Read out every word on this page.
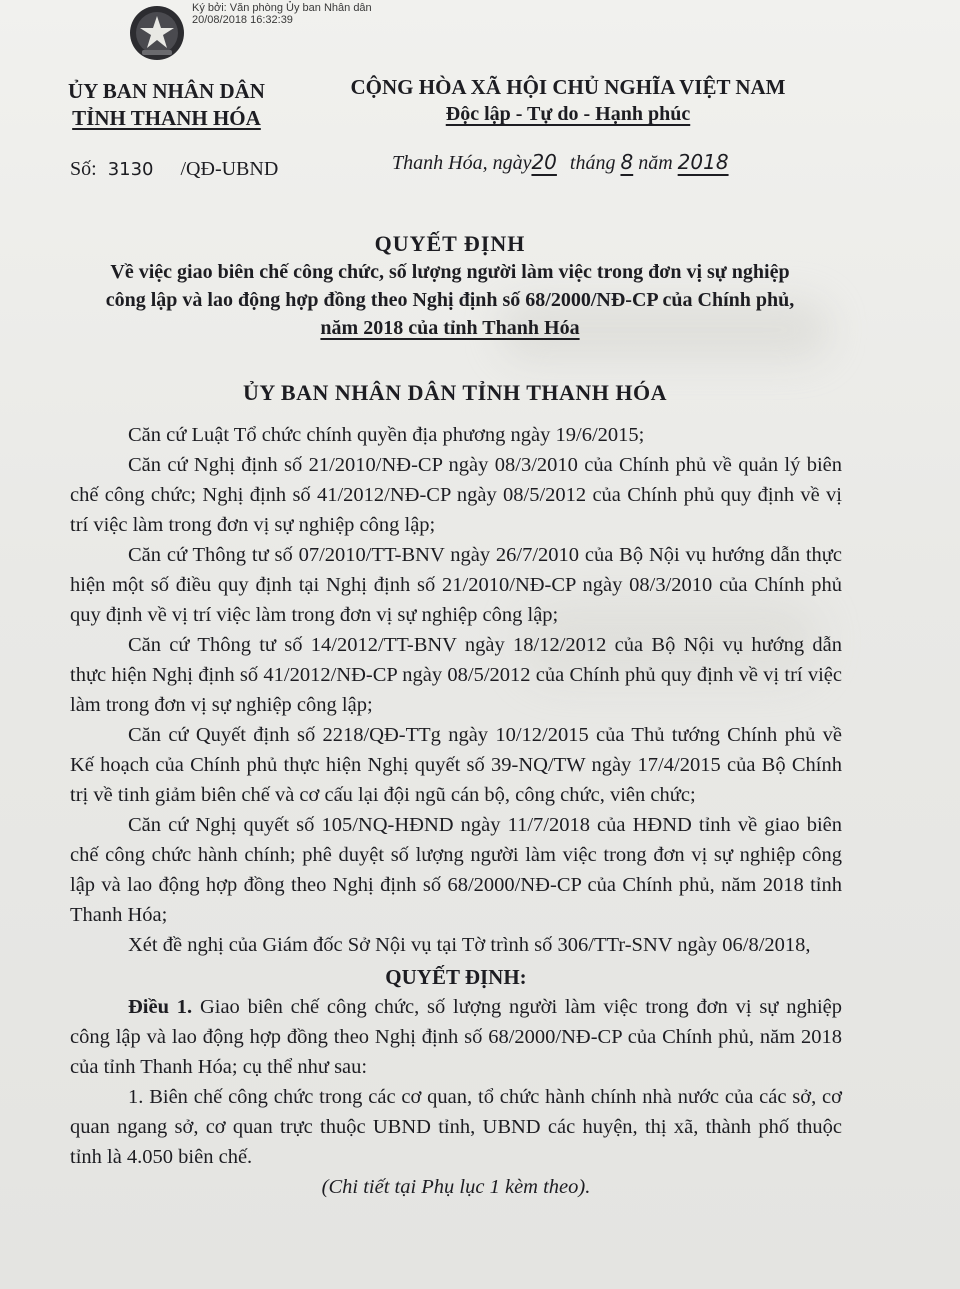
Ký bởi: Văn phòng Ủy ban Nhân dân
20/08/2018 16:32:39
ỦY BAN NHÂN DÂN
TỈNH THANH HÓA
CỘNG HÒA XÃ HỘI CHỦ NGHĨA VIỆT NAM
Độc lập - Tự do - Hạnh phúc
Số: 3130 /QĐ-UBND	Thanh Hóa, ngày20 tháng 8 năm 2018
QUYẾT ĐỊNH
Về việc giao biên chế công chức, số lượng người làm việc trong đơn vị sự nghiệp
công lập và lao động hợp đồng theo Nghị định số 68/2000/NĐ-CP của Chính phủ,
năm 2018 của tỉnh Thanh Hóa
ỦY BAN NHÂN DÂN TỈNH THANH HÓA

Căn cứ Luật Tổ chức chính quyền địa phương ngày 19/6/2015;

Căn cứ Nghị định số 21/2010/NĐ-CP ngày 08/3/2010 của Chính phủ về quản lý biên chế công chức; Nghị định số 41/2012/NĐ-CP ngày 08/5/2012 của Chính phủ quy định về vị trí việc làm trong đơn vị sự nghiệp công lập;

Căn cứ Thông tư số 07/2010/TT-BNV ngày 26/7/2010 của Bộ Nội vụ hướng dẫn thực hiện một số điều quy định tại Nghị định số 21/2010/NĐ-CP ngày 08/3/2010 của Chính phủ quy định về vị trí việc làm trong đơn vị sự nghiệp công lập;

Căn cứ Thông tư số 14/2012/TT-BNV ngày 18/12/2012 của Bộ Nội vụ hướng dẫn thực hiện Nghị định số 41/2012/NĐ-CP ngày 08/5/2012 của Chính phủ quy định về vị trí việc làm trong đơn vị sự nghiệp công lập;

Căn cứ Quyết định số 2218/QĐ-TTg ngày 10/12/2015 của Thủ tướng Chính phủ về Kế hoạch của Chính phủ thực hiện Nghị quyết số 39-NQ/TW ngày 17/4/2015 của Bộ Chính trị về tinh giảm biên chế và cơ cấu lại đội ngũ cán bộ, công chức, viên chức;

Căn cứ Nghị quyết số 105/NQ-HĐND ngày 11/7/2018 của HĐND tỉnh về giao biên chế công chức hành chính; phê duyệt số lượng người làm việc trong đơn vị sự nghiệp công lập và lao động hợp đồng theo Nghị định số 68/2000/NĐ-CP của Chính phủ, năm 2018 tỉnh Thanh Hóa;

Xét đề nghị của Giám đốc Sở Nội vụ tại Tờ trình số 306/TTr-SNV ngày 06/8/2018,

QUYẾT ĐỊNH:

Điều 1. Giao biên chế công chức, số lượng người làm việc trong đơn vị sự nghiệp công lập và lao động hợp đồng theo Nghị định số 68/2000/NĐ-CP của Chính phủ, năm 2018 của tỉnh Thanh Hóa; cụ thể như sau:

1. Biên chế công chức trong các cơ quan, tổ chức hành chính nhà nước của các sở, cơ quan ngang sở, cơ quan trực thuộc UBND tỉnh, UBND các huyện, thị xã, thành phố thuộc tỉnh là 4.050 biên chế.

(Chi tiết tại Phụ lục 1 kèm theo).
